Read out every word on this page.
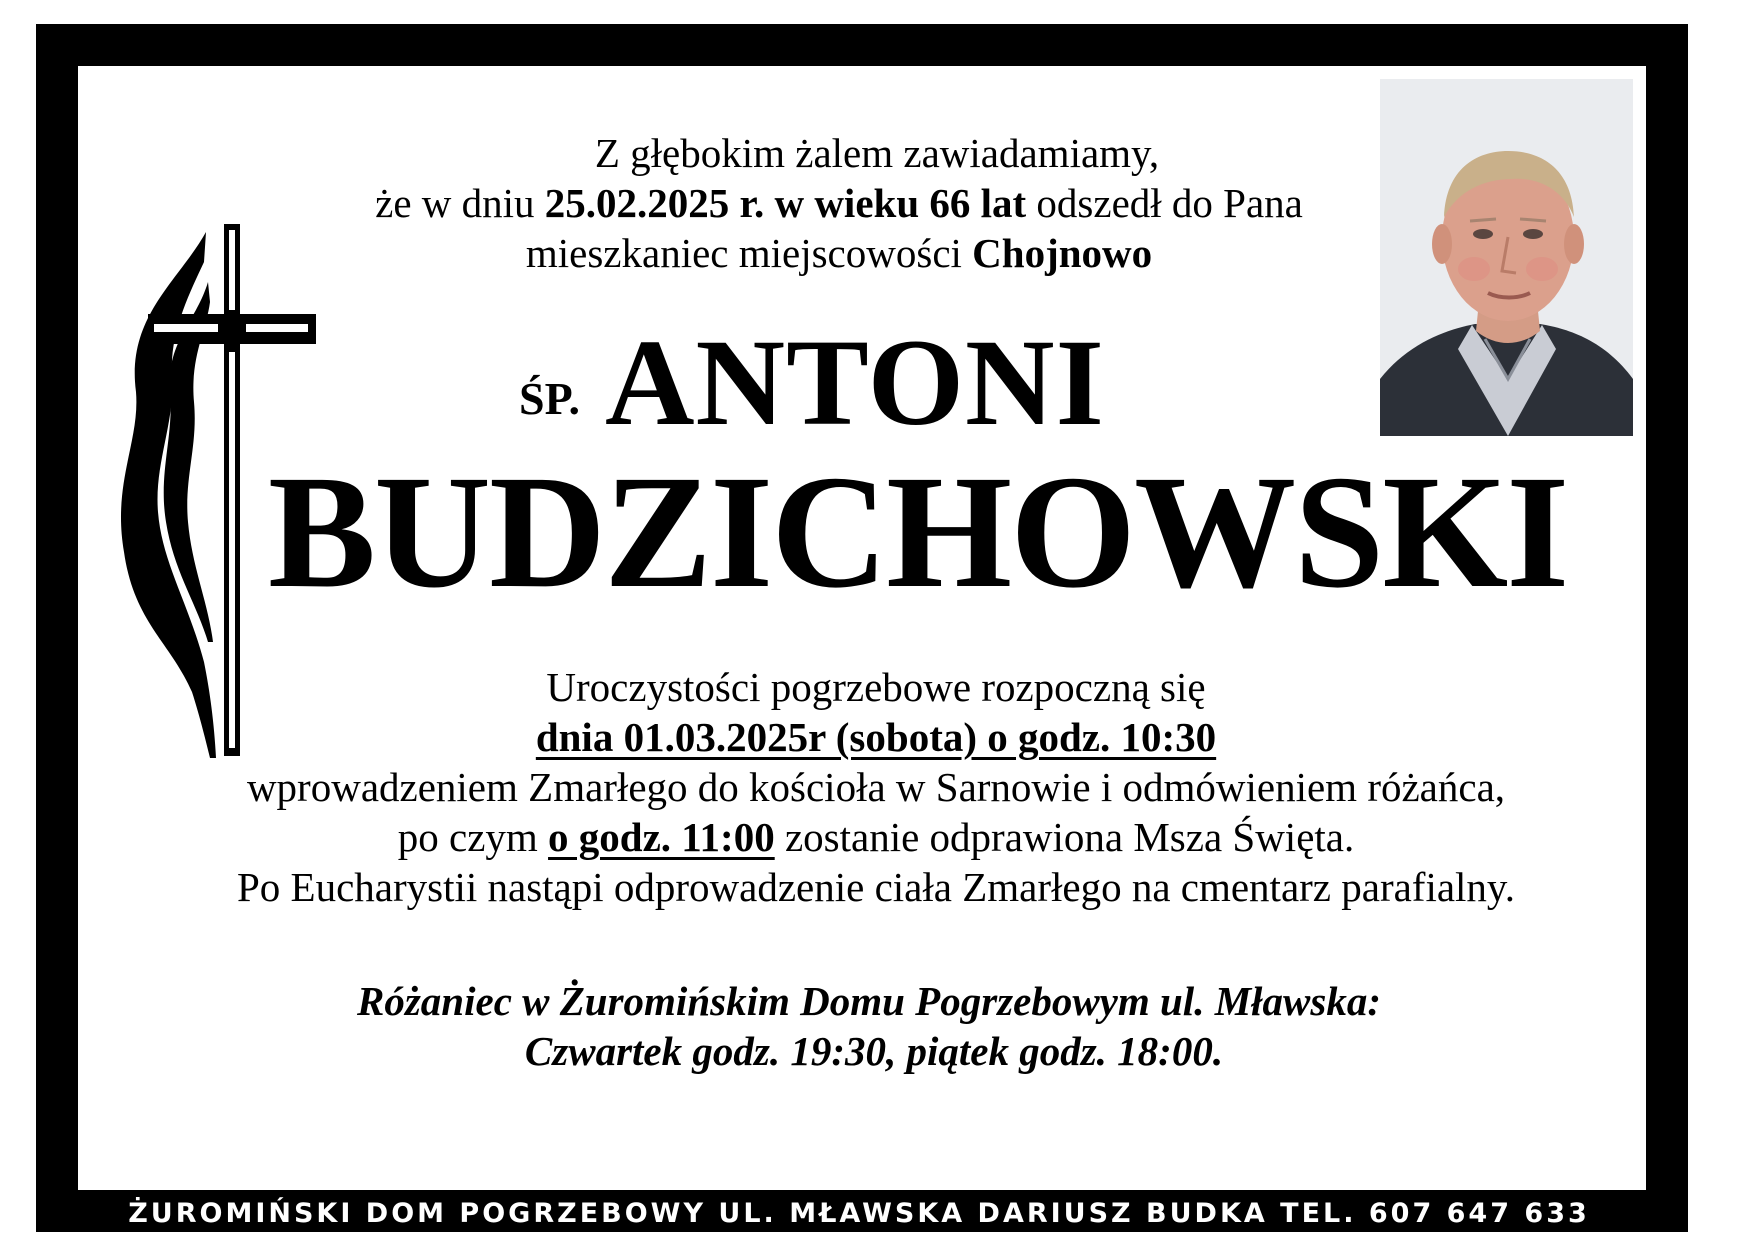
Z głębokim żalem zawiadamiamy,
że w dniu 25.02.2025 r. w wieku 66 lat odszedł do Pana
mieszkaniec miejscowości Chojnowo
ŚP. ANTONI
BUDZICHOWSKI
Uroczystości pogrzebowe rozpoczną się
dnia 01.03.2025r (sobota) o godz. 10:30
wprowadzeniem Zmarłego do kościoła w Sarnowie i odmówieniem różańca,
po czym o godz. 11:00 zostanie odprawiona Msza Święta.
Po Eucharystii nastąpi odprowadzenie ciała Zmarłego na cmentarz parafialny.
Różaniec w Żuromińskim Domu Pogrzebowym ul. Mławska:
Czwartek godz. 19:30, piątek godz. 18:00.
ŻUROMIŃSKI DOM POGRZEBOWY UL. MŁAWSKA DARIUSZ BUDKA TEL. 607 647 633
